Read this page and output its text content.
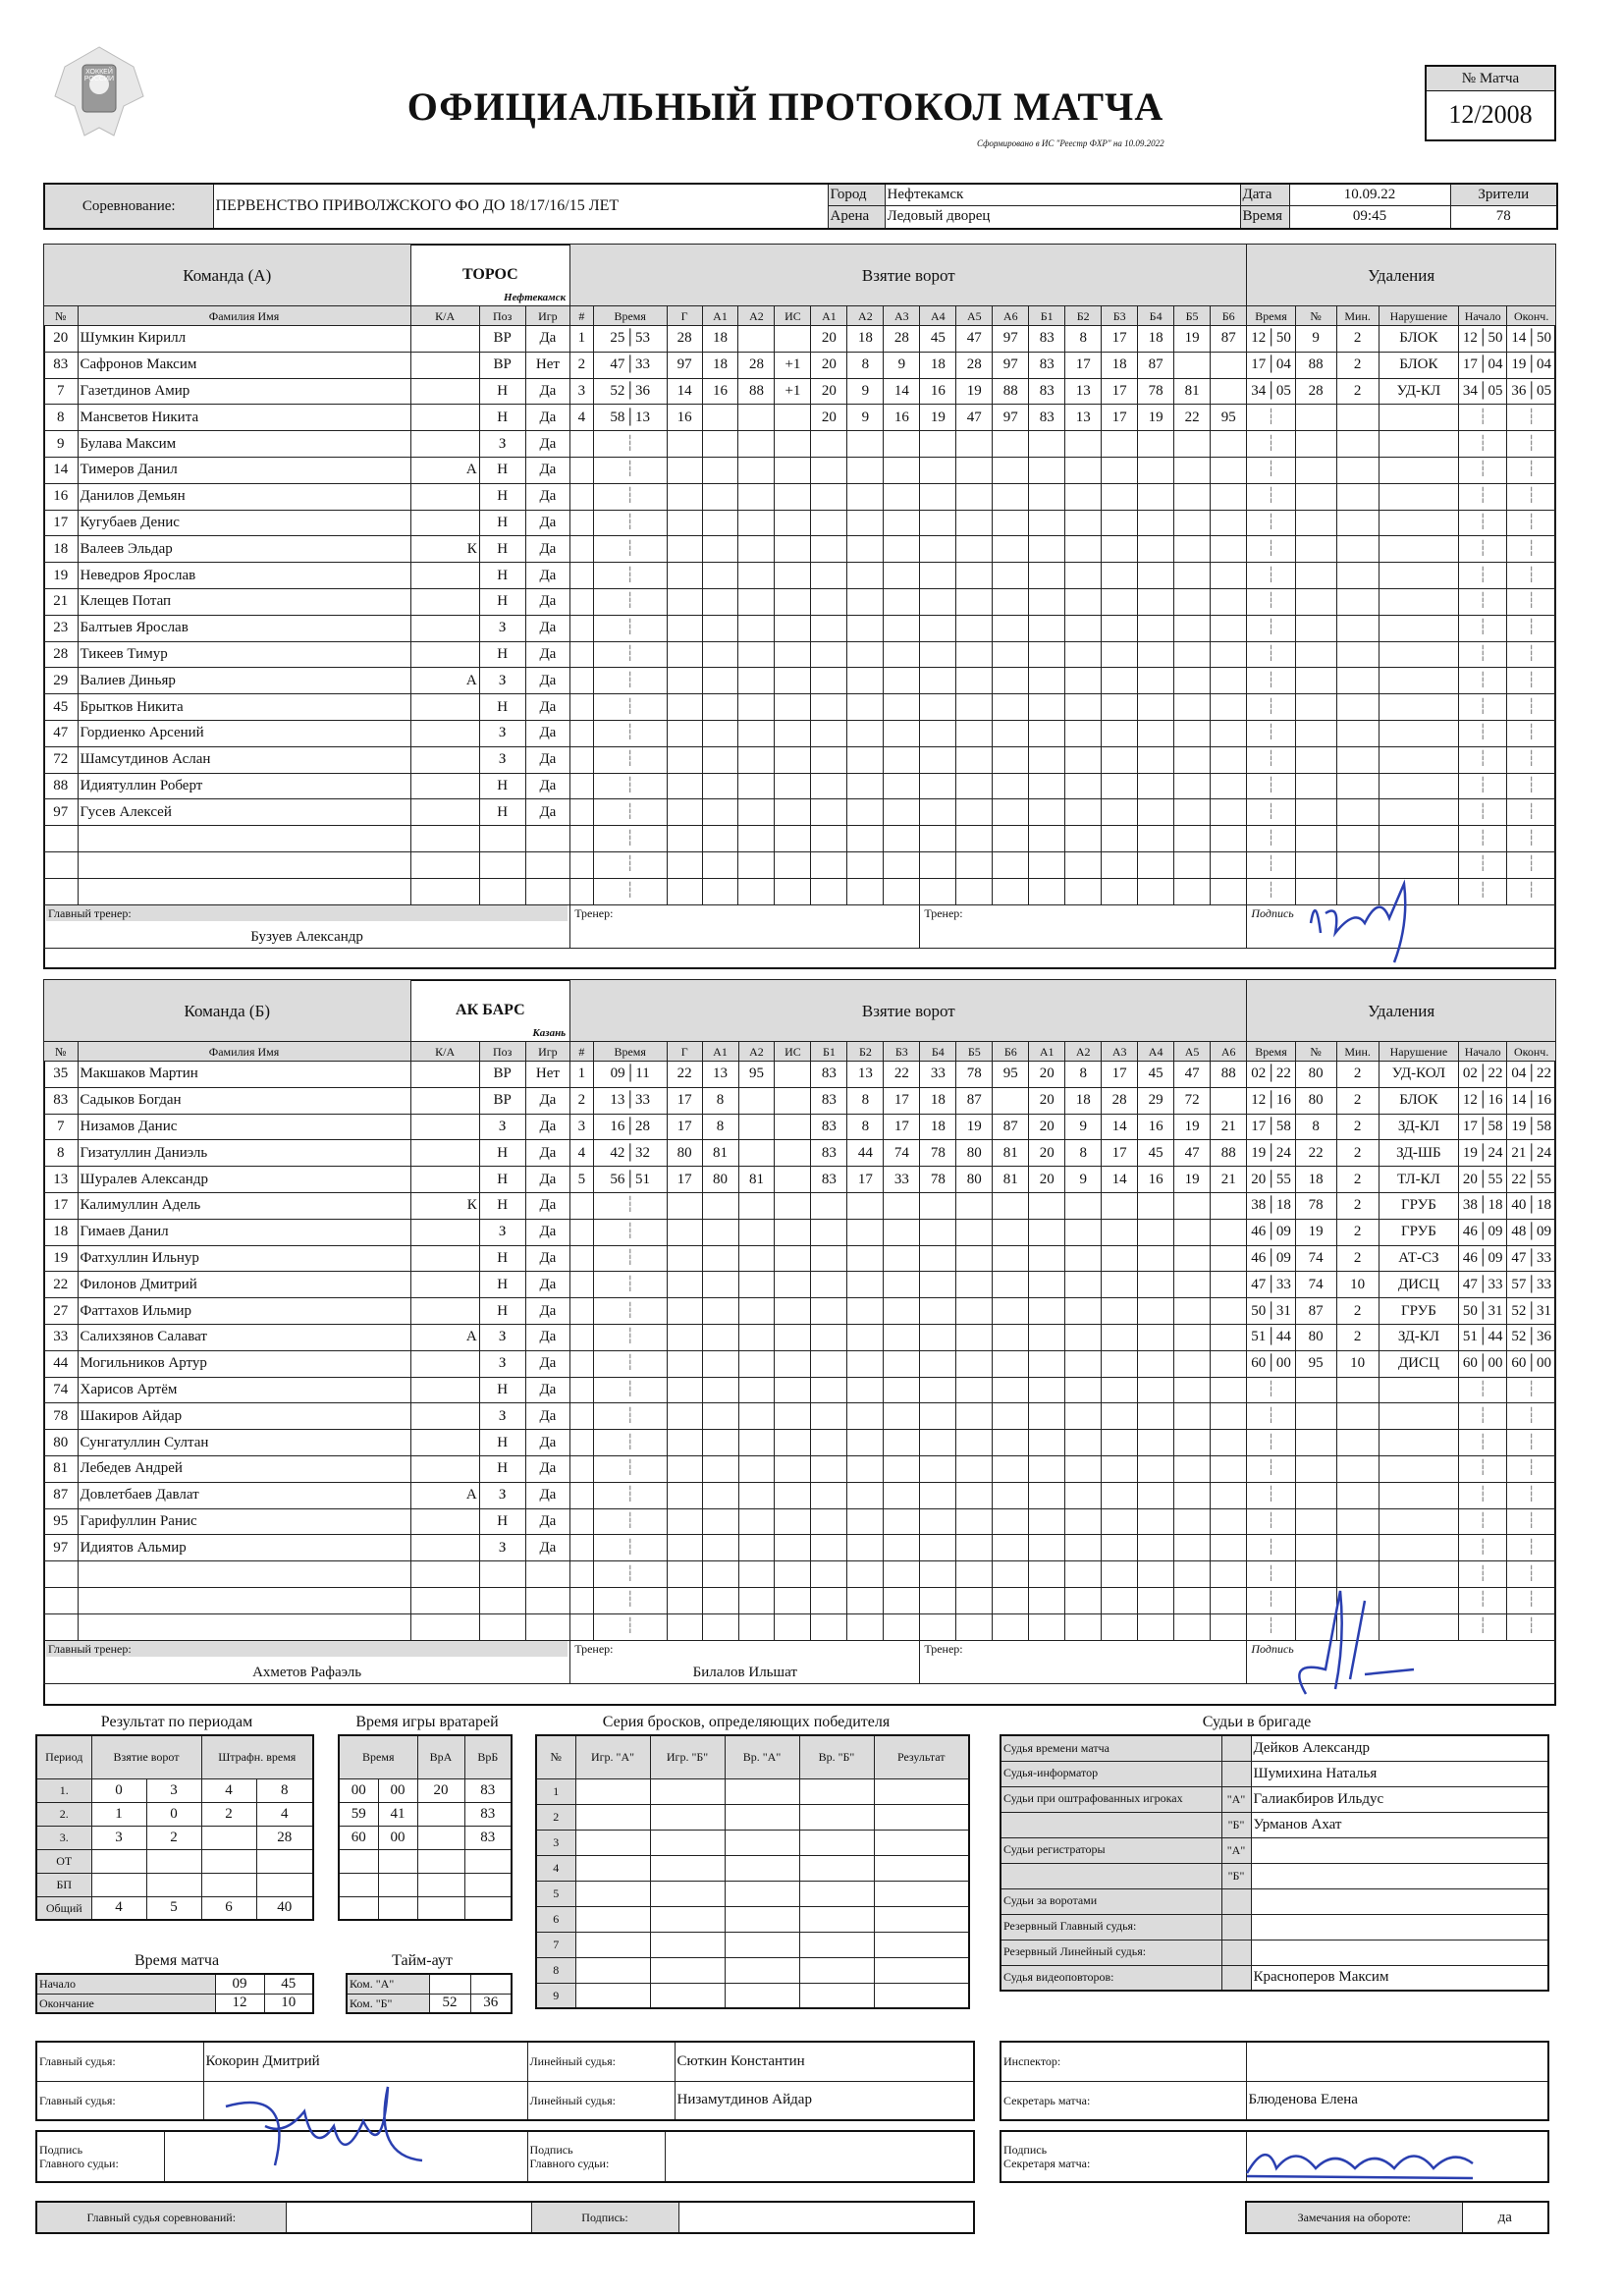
ХОККЕЙ РОССИИ
ОФИЦИАЛЬНЫЙ ПРОТОКОЛ МАТЧА
Сформировано в ИС "Реестр ФХР" на 10.09.2022
№ Матча
12/2008
Соревнование:	ПЕРВЕНСТВО ПРИВОЛЖСКОГО ФО ДО 18/17/16/15 ЛЕТ	Город	Нефтекамск	Дата	10.09.22	Зрители
		Арена	Ледовый дворец	Время	09:45	78
Команда (А)		ТОРОС
Нефтекамск			Взятие ворот																		Удаления					
№	Фамилия Имя	К/А	Поз	Игр	#	Время	Г	А1	А2	ИС	А1	А2	А3	А4	А5	А6	Б1	Б2	Б3	Б4	Б5	Б6	Время	№	Мин.	Нарушение	Начало	Оконч.
20	Шумкин Кирилл		ВР	Да	1	25│53	28	18			20	18	28	45	47	97	83	8	17	18	19	87	12│50	9	2	БЛОК	12│50	14│50
83	Сафронов Максим		ВР	Нет	2	47│33	97	18	28	+1	20	8	9	18	28	97	83	17	18	87			17│04	88	2	БЛОК	17│04	19│04
7	Газетдинов Амир		Н	Да	3	52│36	14	16	88	+1	20	9	14	16	19	88	83	13	17	78	81		34│05	28	2	УД-КЛ	34│05	36│05
8	Мансветов Никита		Н	Да	4	58│13	16				20	9	16	19	47	97	83	13	17	19	22	95	┆				┆	┆
9	Булава Максим		З	Да		┆																	┆				┆	┆
14	Тимеров Данил	А	Н	Да		┆																	┆				┆	┆
16	Данилов Демьян		Н	Да		┆																	┆				┆	┆
17	Кугубаев Денис		Н	Да		┆																	┆				┆	┆
18	Валеев Эльдар	К	Н	Да		┆																	┆				┆	┆
19	Неведров Ярослав		Н	Да		┆																	┆				┆	┆
21	Клещев Потап		Н	Да		┆																	┆				┆	┆
23	Балтыев Ярослав		З	Да		┆																	┆				┆	┆
28	Тикеев Тимур		Н	Да		┆																	┆				┆	┆
29	Валиев Диньяр	А	З	Да		┆																	┆				┆	┆
45	Брытков Никита		Н	Да		┆																	┆				┆	┆
47	Гордиенко Арсений		З	Да		┆																	┆				┆	┆
72	Шамсутдинов Аслан		З	Да		┆																	┆				┆	┆
88	Идиятуллин Роберт		Н	Да		┆																	┆				┆	┆
97	Гусев Алексей		Н	Да		┆																	┆				┆	┆
						┆																	┆				┆	┆
						┆																	┆				┆	┆
						┆																	┆				┆	┆

Главный тренер:
Бузуев Александр					Тренер:									Тренер:									Подпись					
Команда (Б)		АК БАРС
Казань			Взятие ворот																		Удаления					
№	Фамилия Имя	К/А	Поз	Игр	#	Время	Г	А1	А2	ИС	Б1	Б2	Б3	Б4	Б5	Б6	А1	А2	А3	А4	А5	А6	Время	№	Мин.	Нарушение	Начало	Оконч.
35	Макшаков Мартин		ВР	Нет	1	09│11	22	13	95		83	13	22	33	78	95	20	8	17	45	47	88	02│22	80	2	УД-КОЛ	02│22	04│22
83	Садыков Богдан		ВР	Да	2	13│33	17	8			83	8	17	18	87		20	18	28	29	72		12│16	80	2	БЛОК	12│16	14│16
7	Низамов Данис		З	Да	3	16│28	17	8			83	8	17	18	19	87	20	9	14	16	19	21	17│58	8	2	ЗД-КЛ	17│58	19│58
8	Гизатуллин Даниэль		Н	Да	4	42│32	80	81			83	44	74	78	80	81	20	8	17	45	47	88	19│24	22	2	ЗД-ШБ	19│24	21│24
13	Шуралев Александр		Н	Да	5	56│51	17	80	81		83	17	33	78	80	81	20	9	14	16	19	21	20│55	18	2	ТЛ-КЛ	20│55	22│55
17	Калимуллин Адель	К	Н	Да		┆																	38│18	78	2	ГРУБ	38│18	40│18
18	Гимаев Данил		З	Да		┆																	46│09	19	2	ГРУБ	46│09	48│09
19	Фатхуллин Ильнур		Н	Да		┆																	46│09	74	2	АТ-СЗ	46│09	47│33
22	Филонов Дмитрий		Н	Да		┆																	47│33	74	10	ДИСЦ	47│33	57│33
27	Фаттахов Ильмир		Н	Да		┆																	50│31	87	2	ГРУБ	50│31	52│31
33	Салихзянов Салават	А	З	Да		┆																	51│44	80	2	ЗД-КЛ	51│44	52│36
44	Могильников Артур		З	Да		┆																	60│00	95	10	ДИСЦ	60│00	60│00
74	Харисов Артём		Н	Да		┆																	┆				┆	┆
78	Шакиров Айдар		З	Да		┆																	┆				┆	┆
80	Сунгатуллин Султан		Н	Да		┆																	┆				┆	┆
81	Лебедев Андрей		Н	Да		┆																	┆				┆	┆
87	Довлетбаев Давлат	А	З	Да		┆																	┆				┆	┆
95	Гарифуллин Ранис		Н	Да		┆																	┆				┆	┆
97	Идиятов Альмир		З	Да		┆																	┆				┆	┆
						┆																	┆				┆	┆
						┆																	┆				┆	┆
						┆																	┆				┆	┆

Главный тренер:
Ахметов Рафаэль					Тренер:
Билалов Ильшат									Тренер:									Подпись					
Результат по периодам
Период	Взятие ворот		Штрафн. время	
1.	0	3	4	8
2.	1	0	2	4
3.	3	2		28
ОТ				
БП				
Общий	4	5	6	40
Время игры вратарей
Время		ВрА	ВрБ
00	00	20	83
59	41		83
60	00		83

Время матча
Начало	09	45
Окончание	12	10
Тайм-аут
Ком. "А"		
Ком. "Б"	52	36
Серия бросков, определяющих победителя
№	Игр. "А"	Игр. "Б"	Вр. "А"	Вр. "Б"	Результат
1					
2					
3					
4					
5					
6					
7					
8					
9					
Судьи в бригаде
Судья времени матча		Дейков Александр
Судья-информатор		Шумихина Наталья
Судьи при оштрафованных игроках	"А"	Галиакбиров Ильдус
	"Б"	Урманов Ахат
Судьи регистраторы	"А"	
	"Б"	
Судьи за воротами		
Резервный Главный судья:		
Резервный Линейный судья:		
Судья видеоповторов:		Красноперов Максим
Главный судья:	Кокорин Дмитрий	Линейный судья:	Сюткин Константин
Главный судья:		Линейный судья:	Низамутдинов Айдар
Инспектор:	
Секретарь матча:	Блюденова Елена
Подпись
Главного судьи:		Подпись
Главного судьи:	
Подпись
Секретаря матча:	
Главный судья соревнований:		Подпись:		Замечания на обороте:	да
